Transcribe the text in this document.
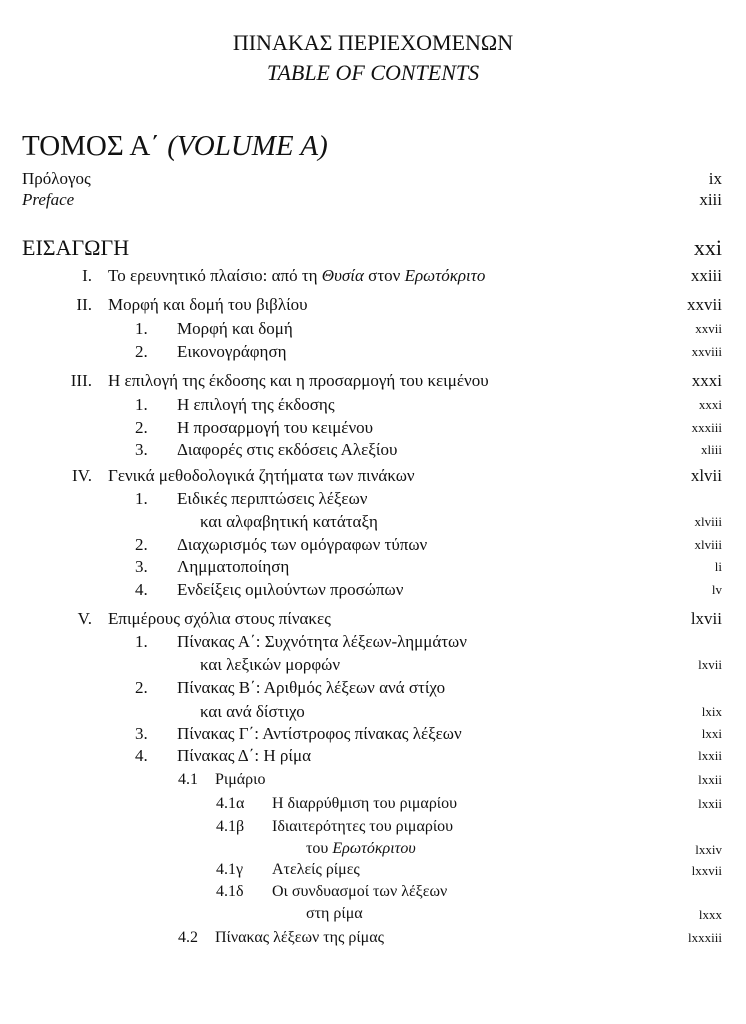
ΠΙΝΑΚΑΣ ΠΕΡΙΕΧΟΜΕΝΩΝ
TABLE OF CONTENTS
ΤΟΜΟΣ Α΄ (VOLUME A)
Πρόλογος	ix
Preface	xiii
ΕΙΣΑΓΩΓΗ	xxi
I. Το ερευνητικό πλαίσιο: από τη Θυσία στον Ερωτόκριτο	xxiii
II. Μορφή και δομή του βιβλίου	xxvii
1. Μορφή και δομή	xxvii
2. Εικονογράφηση	xxviii
III. Η επιλογή της έκδοσης και η προσαρμογή του κειμένου	xxxi
1. Η επιλογή της έκδοσης	xxxi
2. Η προσαρμογή του κειμένου	xxxiii
3. Διαφορές στις εκδόσεις Αλεξίου	xliii
IV. Γενικά μεθοδολογικά ζητήματα των πινάκων	xlvii
1. Ειδικές περιπτώσεις λέξεων
και αλφαβητική κατάταξη	xlviii
2. Διαχωρισμός των ομόγραφων τύπων	xlviii
3. Λημματοποίηση	li
4. Ενδείξεις ομιλούντων προσώπων	lv
V. Επιμέρους σχόλια στους πίνακες	lxvii
1. Πίνακας Α΄: Συχνότητα λέξεων-λημμάτων
και λεξικών μορφών	lxvii
2. Πίνακας Β΄: Αριθμός λέξεων ανά στίχο
και ανά δίστιχο	lxix
3. Πίνακας Γ΄: Αντίστροφος πίνακας λέξεων	lxxi
4. Πίνακας Δ΄: Η ρίμα	lxxii
4.1 Ριμάριο	lxxii
4.1α Η διαρρύθμιση του ριμαρίου	lxxii
4.1β Ιδιαιτερότητες του ριμαρίου
του Ερωτόκριτου	lxxiv
4.1γ Ατελείς ρίμες	lxxvii
4.1δ Οι συνδυασμοί των λέξεων
στη ρίμα	lxxx
4.2 Πίνακας λέξεων της ρίμας	lxxxiii
